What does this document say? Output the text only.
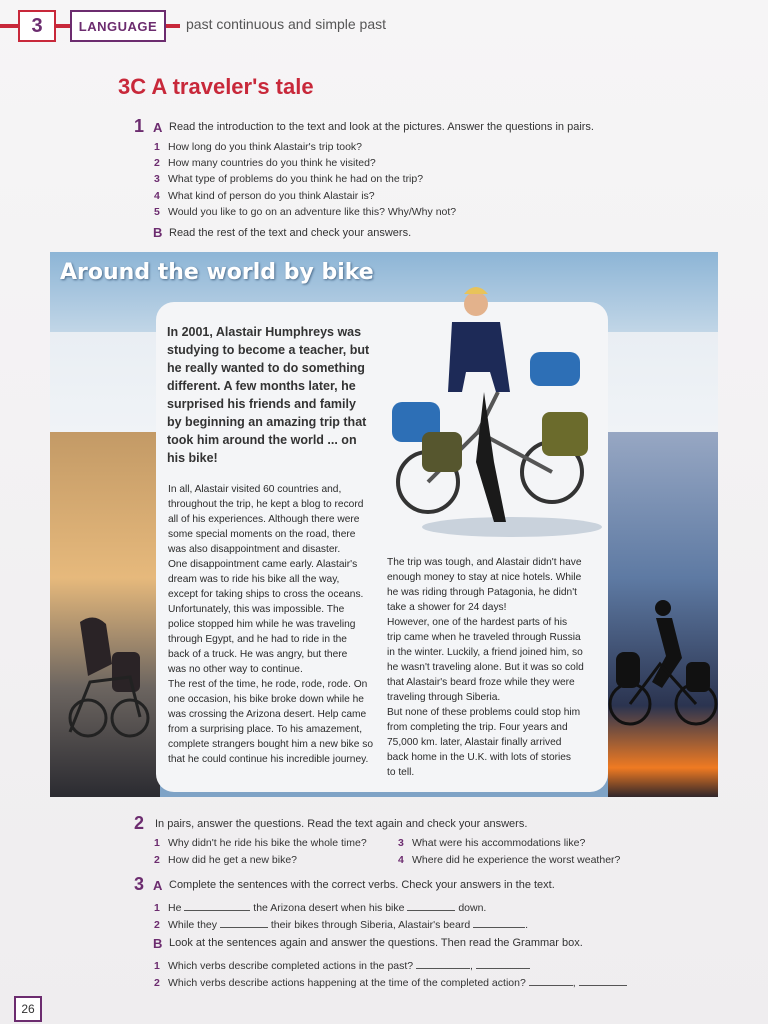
3	LANGUAGE	past continuous and simple past
3C A traveler's tale
1 A Read the introduction to the text and look at the pictures. Answer the questions in pairs.
1 How long do you think Alastair's trip took?
2 How many countries do you think he visited?
3 What type of problems do you think he had on the trip?
4 What kind of person do you think Alastair is?
5 Would you like to go on an adventure like this? Why/Why not?
B Read the rest of the text and check your answers.
Around the world by bike
In 2001, Alastair Humphreys was studying to become a teacher, but he really wanted to do something different. A few months later, he surprised his friends and family by beginning an amazing trip that took him around the world ... on his bike!
In all, Alastair visited 60 countries and,
throughout the trip, he kept a blog to record
all of his experiences. Although there were
some special moments on the road, there
was also disappointment and disaster.
One disappointment came early. Alastair's
dream was to ride his bike all the way,
except for taking ships to cross the oceans.
Unfortunately, this was impossible. The
police stopped him while he was traveling
through Egypt, and he had to ride in the
back of a truck. He was angry, but there
was no other way to continue.
The rest of the time, he rode, rode, rode. On
one occasion, his bike broke down while he
was crossing the Arizona desert. Help came
from a surprising place. To his amazement,
complete strangers bought him a new bike so
that he could continue his incredible journey.
The trip was tough, and Alastair didn't have
enough money to stay at nice hotels. While
he was riding through Patagonia, he didn't
take a shower for 24 days!
However, one of the hardest parts of his
trip came when he traveled through Russia
in the winter. Luckily, a friend joined him, so
he wasn't traveling alone. But it was so cold
that Alastair's beard froze while they were
traveling through Siberia.
But none of these problems could stop him
from completing the trip. Four years and
75,000 km. later, Alastair finally arrived
back home in the U.K. with lots of stories
to tell.
2 In pairs, answer the questions. Read the text again and check your answers.
1 Why didn't he ride his bike the whole time?
2 How did he get a new bike?
3 What were his accommodations like?
4 Where did he experience the worst weather?
3 A Complete the sentences with the correct verbs. Check your answers in the text.
1 He	the Arizona desert when his bike	down.
2 While they	their bikes through Siberia, Alastair's beard	.
B Look at the sentences again and answer the questions. Then read the Grammar box.
1 Which verbs describe completed actions in the past?	,
2 Which verbs describe actions happening at the time of the completed action?	,
26
